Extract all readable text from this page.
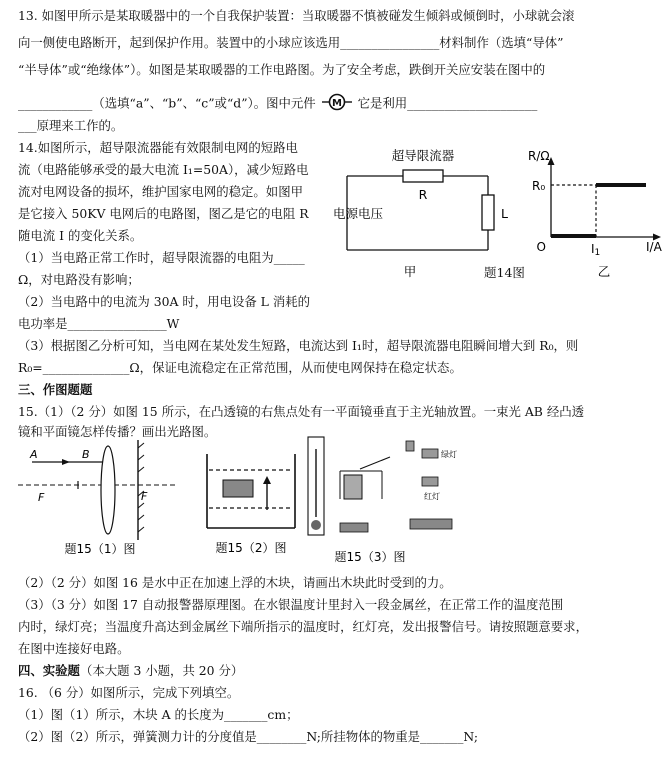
13. 如图甲所示是某取暖器中的一个自我保护装置：当取暖器不慎被碰发生倾斜或倾倒时，小球就会滚
向一侧使电路断开，起到保护作用。装置中的小球应该选用________________材料制作（选填“导体”
“半导体”或“绝缘体”）。如图是某取暖器的工作电路图。为了安全考虑，跌倒开关应安装在图中的
____________（选填“a”、“b”、“c”或“d”）。图中元件 M 它是利用_____________________
___原理来工作的。
14.如图所示，超导限流器能有效限制电网的短路电
流（电路能够承受的最大电流 I₁=50A），减少短路电
流对电网设备的损坏，维护国家电网的稳定。如图甲
是它接入 50KV 电网后的电路图，图乙是它的电阻 R
随电流 I 的变化关系。
（1）当电路正常工作时，超导限流器的电阻为_____
Ω，对电路没有影响；
（2）当电路中的电流为 30A 时，用电设备 L 消耗的
电功率是________________W
（3）根据图乙分析可知，当电网在某处发生短路，电流达到 I₁时，超导限流器电阻瞬间增大到 R₀，则
R₀=______________Ω，保证电流稳定在正常范围，从而使电网保持在稳定状态。
超导限流器
R
L
电源电压
甲	题14图
R/Ω
R₀
O	I1	I/A
乙
三、作图题题
15.（1）（2 分）如图 15 所示，在凸透镜的右焦点处有一平面镜垂直于主光轴放置。一束光 AB 经凸透
镜和平面镜怎样传播？画出光路图。
A	B
F	F
题15（1）图	题15（2）图
绿灯
红灯
题15（3）图
（2）（2 分）如图 16 是水中正在加速上浮的木块，请画出木块此时受到的力。
（3）（3 分）如图 17 自动报警器原理图。在水银温度计里封入一段金属丝，在正常工作的温度范围
内时，绿灯亮；当温度升高达到金属丝下端所指示的温度时，红灯亮，发出报警信号。请按照题意要求，
在图中连接好电路。
四、实验题（本大题 3 小题，共 20 分）
16. （6 分）如图所示，完成下列填空。
（1）图（1）所示，木块 A 的长度为_______cm；
（2）图（2）所示，弹簧测力计的分度值是________N;所挂物体的物重是_______N;
